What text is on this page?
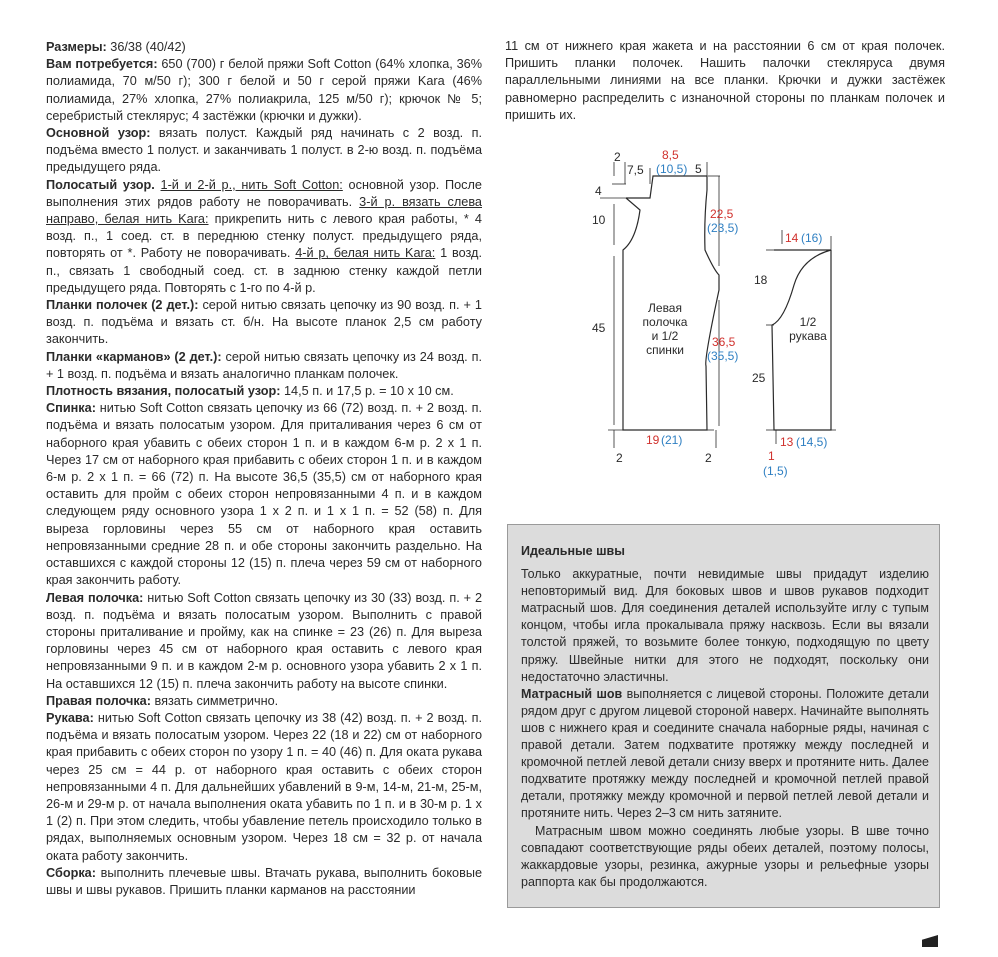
Размеры: 36/38 (40/42)

Вам потребуется: 650 (700) г белой пряжи Soft Cotton (64% хлопка, 36% полиамида, 70 м/50 г); 300 г белой и 50 г серой пряжи Kara (46% полиамида, 27% хлопка, 27% полиакрила, 125 м/50 г); крючок № 5; серебристый стеклярус; 4 застёжки (крючки и дужки).

Основной узор: вязать полуст. Каждый ряд начинать с 2 возд. п. подъёма вместо 1 полуст. и заканчивать 1 полуст. в 2-ю возд. п. подъёма предыдущего ряда.

Полосатый узор. 1-й и 2-й р., нить Soft Cotton: основной узор. После выполнения этих рядов работу не поворачивать. 3-й р. вязать слева направо, белая нить Kara: прикрепить нить с левого края работы, * 4 возд. п., 1 соед. ст. в переднюю стенку полуст. предыдущего ряда, повторять от *. Работу не поворачивать. 4-й р, белая нить Kara: 1 возд. п., связать 1 свободный соед. ст. в заднюю стенку каждой петли предыдущего ряда. Повторять с 1-го по 4-й р.

Планки полочек (2 дет.): серой нитью связать цепочку из 90 возд. п. + 1 возд. п. подъёма и вязать ст. б/н. На высоте планок 2,5 см работу закончить.

Планки «карманов» (2 дет.): серой нитью связать цепочку из 24 возд. п. + 1 возд. п. подъёма и вязать аналогично планкам полочек.

Плотность вязания, полосатый узор: 14,5 п. и 17,5 р. = 10 х 10 см.

Спинка: нитью Soft Cotton связать цепочку из 66 (72) возд. п. + 2 возд. п. подъёма и вязать полосатым узором. Для приталивания через 6 см от наборного края убавить с обеих сторон 1 п. и в каждом 6-м р. 2 х 1 п. Через 17 см от наборного края прибавить с обеих сторон 1 п. и в каждом 6-м р. 2 х 1 п. = 66 (72) п. На высоте 36,5 (35,5) см от наборного края оставить для пройм с обеих сторон непровязанными 4 п. и в каждом следующем ряду основного узора 1 х 2 п. и 1 х 1 п. = 52 (58) п. Для выреза горловины через 55 см от наборного края оставить непровязанными средние 28 п. и обе стороны закончить раздельно. На оставшихся с каждой стороны 12 (15) п. плеча через 59 см от наборного края закончить работу.

Левая полочка: нитью Soft Cotton связать цепочку из 30 (33) возд. п. + 2 возд. п. подъёма и вязать полосатым узором. Выполнить с правой стороны приталивание и пройму, как на спинке = 23 (26) п. Для выреза горловины через 45 см от наборного края оставить с левого края непровязанными 9 п. и в каждом 2-м р. основного узора убавить 2 х 1 п. На оставшихся 12 (15) п. плеча закончить работу на высоте спинки.

Правая полочка: вязать симметрично.

Рукава: нитью Soft Cotton связать цепочку из 38 (42) возд. п. + 2 возд. п. подъёма и вязать полосатым узором. Через 22 (18 и 22) см от наборного края прибавить с обеих сторон по узору 1 п. = 40 (46) п. Для оката рукава через 25 см = 44 р. от наборного края оставить с обеих сторон непровязанными 4 п. Для дальнейших убавлений в 9-м, 14-м, 21-м, 25-м, 26-м и 29-м р. от начала выполнения оката убавить по 1 п. и в 30-м р. 1 х 1 (2) п. При этом следить, чтобы убавление петель происходило только в рядах, выполняемых основным узором. Через 18 см = 32 р. от начала оката работу закончить.

Сборка: выполнить плечевые швы. Втачать рукава, выполнить боковые швы и швы рукавов. Пришить планки карманов на расстоянии

11 см от нижнего края жакета и на расстоянии 6 см от края полочек. Пришить планки полочек. Нашить палочки стекляруса двумя параллельными линиями на все планки. Крючки и дужки застёжек равномерно распределить с изнаночной стороны по планкам полочек и пришить их.

Левая
полочка
и 1/2
спинки
1/2
рукава
2
7,5
8,5
(10,5) 5
4
10
45
22,5
(23,5)
36,5
(35,5)
19 (21)
2	2
14 (16)
18
25
13 (14,5)
1
(1,5)

Идеальные швы

Только аккуратные, почти невидимые швы придадут изделию неповторимый вид. Для боковых швов и швов рукавов подходит матрасный шов. Для соединения деталей используйте иглу с тупым концом, чтобы игла прокалывала пряжу насквозь. Если вы вязали толстой пряжей, то возьмите более тонкую, подходящую по цвету пряжу. Швейные нитки для этого не подходят, поскольку они недостаточно эластичны.

Матрасный шов выполняется с лицевой стороны. Положите детали рядом друг с другом лицевой стороной наверх. Начинайте выполнять шов с нижнего края и соедините сначала наборные ряды, начиная с правой детали. Затем подхватите протяжку между последней и кромочной петлей левой детали снизу вверх и протяните нить. Далее подхватите протяжку между последней и кромочной петлей правой детали, протяжку между кромочной и первой петлей левой детали и протяните нить. Через 2–3 см нить затяните.

Матрасным швом можно соединять любые узоры. В шве точно совпадают соответствующие ряды обеих деталей, поэтому полосы, жаккардовые узоры, резинка, ажурные узоры и рельефные узоры раппорта как бы продолжаются.
